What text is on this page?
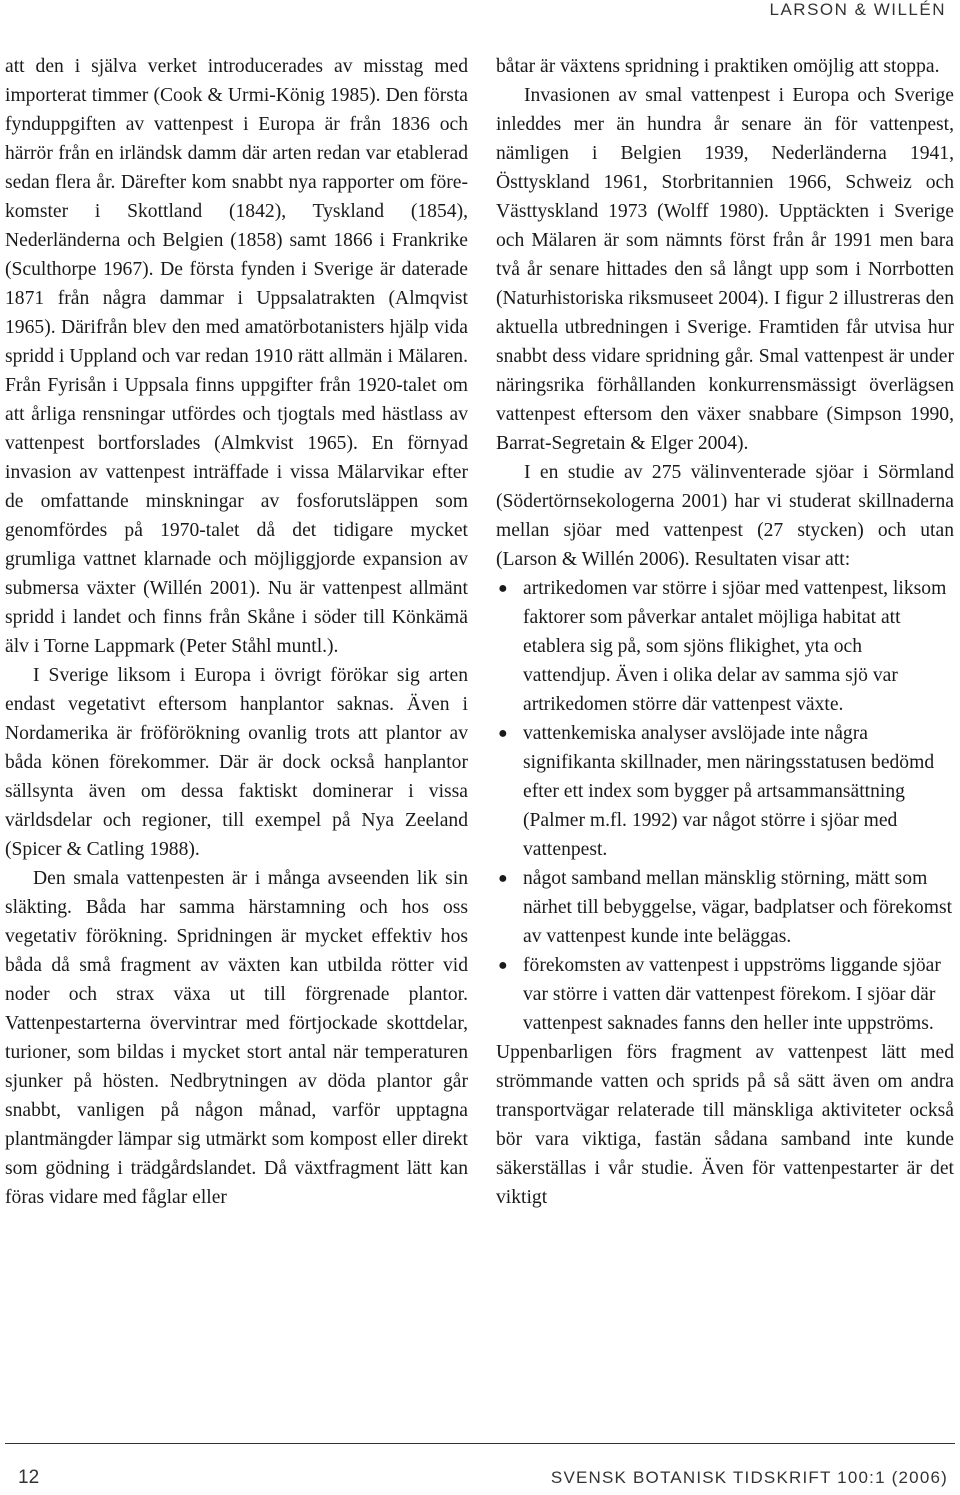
LARSON & WILLÉN

att den i själva verket introducerades av misstag med importerat timmer (Cook & Urmi-König 1985). Den första fynduppgiften av vattenpest i Europa är från 1836 och härrör från en irländsk damm där arten redan var etablerad sedan flera år. Därefter kom snabbt nya rapporter om förekomster i Skottland (1842), Tyskland (1854), Nederländerna och Belgien (1858) samt 1866 i Frankrike (Sculthorpe 1967). De första fynden i Sverige är daterade 1871 från några dammar i Uppsalatrakten (Almqvist 1965). Därifrån blev den med amatörbotanisters hjälp vida spridd i Uppland och var redan 1910 rätt allmän i Mälaren. Från Fyrisån i Uppsala finns uppgifter från 1920-talet om att årliga rensningar utfördes och tjogtals med hästlass av vattenpest bortforslades (Almkvist 1965). En förnyad invasion av vattenpest inträffade i vissa Mälarvikar efter de omfattande minskningar av fosforutsläppen som genomfördes på 1970-talet då det tidigare mycket grumliga vattnet klarnade och möjliggjorde expansion av submersa växter (Willén 2001). Nu är vattenpest allmänt spridd i landet och finns från Skåne i söder till Könkämä älv i Torne Lappmark (Peter Ståhl muntl.).

I Sverige liksom i Europa i övrigt förökar sig arten endast vegetativt eftersom hanplantor saknas. Även i Nordamerika är fröförökning ovanlig trots att plantor av båda könen förekommer. Där är dock också hanplantor sällsynta även om dessa faktiskt dominerar i vissa världsdelar och regioner, till exempel på Nya Zeeland (Spicer & Catling 1988).

Den smala vattenpesten är i många avseenden lik sin släkting. Båda har samma härstamning och hos oss vegetativ förökning. Spridningen är mycket effektiv hos båda då små fragment av växten kan utbilda rötter vid noder och strax växa ut till förgrenade plantor. Vattenpestarterna övervintrar med förtjockade skottdelar, turioner, som bildas i mycket stort antal när temperaturen sjunker på hösten. Nedbrytningen av döda plantor går snabbt, vanligen på någon månad, varför upptagna plantmängder lämpar sig utmärkt som kompost eller direkt som gödning i trädgårdslandet. Då växtfragment lätt kan föras vidare med fåglar eller

båtar är växtens spridning i praktiken omöjlig att stoppa.

Invasionen av smal vattenpest i Europa och Sverige inleddes mer än hundra år senare än för vattenpest, nämligen i Belgien 1939, Nederländerna 1941, Östtyskland 1961, Storbritannien 1966, Schweiz och Västtyskland 1973 (Wolff 1980). Upptäckten i Sverige och Mälaren är som nämnts först från år 1991 men bara två år senare hittades den så långt upp som i Norrbotten (Naturhistoriska riksmuseet 2004). I figur 2 illustreras den aktuella utbredningen i Sverige. Framtiden får utvisa hur snabbt dess vidare spridning går. Smal vattenpest är under näringsrika förhållanden konkurrensmässigt överlägsen vattenpest eftersom den växer snabbare (Simpson 1990, Barrat-Segretain & Elger 2004).

I en studie av 275 välinventerade sjöar i Sörmland (Södertörnsekologerna 2001) har vi studerat skillnaderna mellan sjöar med vattenpest (27 stycken) och utan (Larson & Willén 2006). Resultaten visar att:

● artrikedomen var större i sjöar med vattenpest, liksom faktorer som påverkar antalet möjliga habitat att etablera sig på, som sjöns flikighet, yta och vattendjup. Även i olika delar av samma sjö var artrikedomen större där vattenpest växte.
● vattenkemiska analyser avslöjade inte några signifikanta skillnader, men näringsstatusen bedömd efter ett index som bygger på artsammansättning (Palmer m.fl. 1992) var något större i sjöar med vattenpest.
● något samband mellan mänsklig störning, mätt som närhet till bebyggelse, vägar, badplatser och förekomst av vattenpest kunde inte beläggas.
● förekomsten av vattenpest i uppströms liggande sjöar var större i vatten där vattenpest förekom. I sjöar där vattenpest saknades fanns den heller inte uppströms.

Uppenbarligen förs fragment av vattenpest lätt med strömmande vatten och sprids på så sätt även om andra transportvägar relaterade till mänskliga aktiviteter också bör vara viktiga, fastän sådana samband inte kunde säkerställas i vår studie. Även för vattenpestarter är det viktigt

12	SVENSK BOTANISK TIDSKRIFT 100:1 (2006)
